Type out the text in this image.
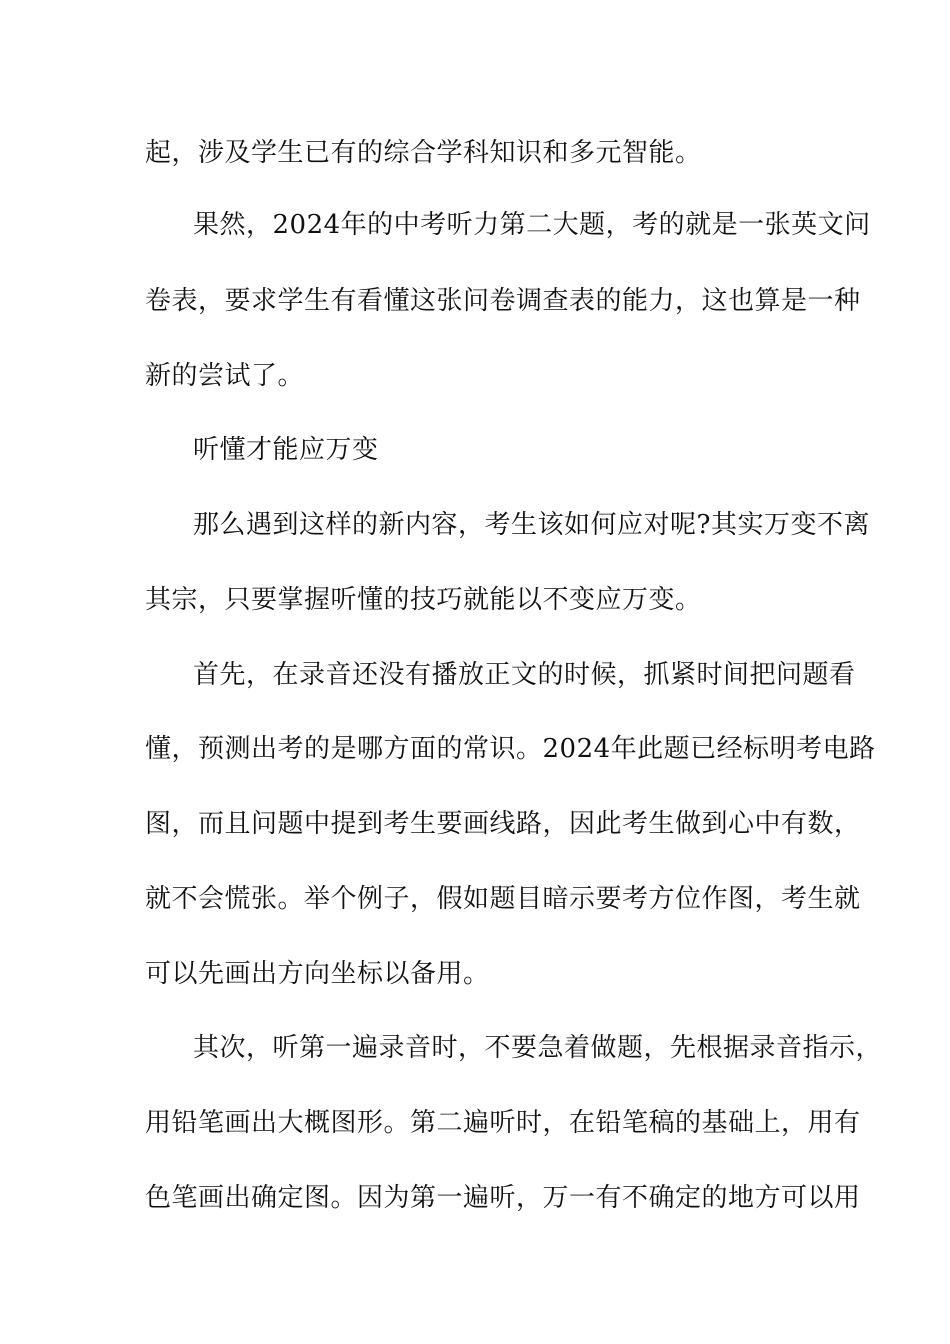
起，涉及学生已有的综合学科知识和多元智能。
果然，2024年的中考听力第二大题，考的就是一张英文问
卷表，要求学生有看懂这张问卷调查表的能力，这也算是一种
新的尝试了。
听懂才能应万变
那么遇到这样的新内容，考生该如何应对呢?其实万变不离
其宗，只要掌握听懂的技巧就能以不变应万变。
首先，在录音还没有播放正文的时候，抓紧时间把问题看
懂，预测出考的是哪方面的常识。2024年此题已经标明考电路
图，而且问题中提到考生要画线路，因此考生做到心中有数，
就不会慌张。举个例子，假如题目暗示要考方位作图，考生就
可以先画出方向坐标以备用。
其次，听第一遍录音时，不要急着做题，先根据录音指示，
用铅笔画出大概图形。第二遍听时，在铅笔稿的基础上，用有
色笔画出确定图。因为第一遍听，万一有不确定的地方可以用
